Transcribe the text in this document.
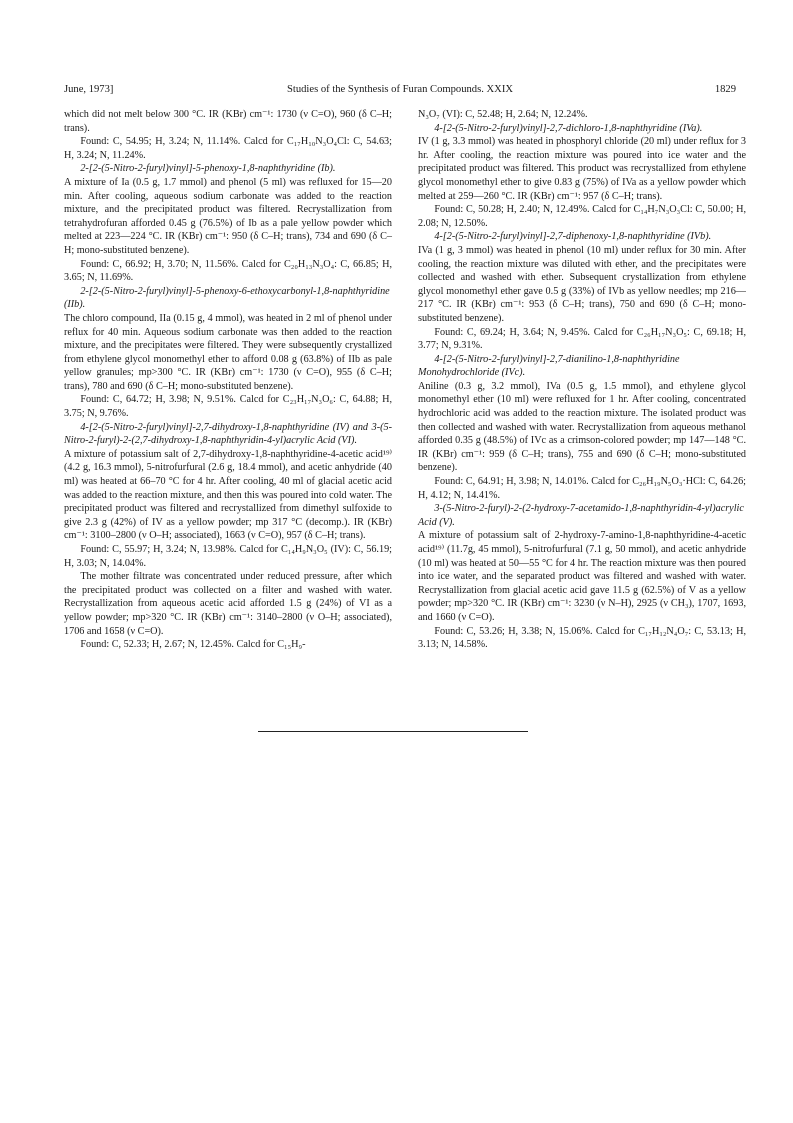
June, 1973]	Studies of the Synthesis of Furan Compounds. XXIX	1829

which did not melt below 300 °C. IR (KBr) cm⁻¹: 1730 (ν C=O), 960 (δ C–H; trans).

Found: C, 54.95; H, 3.24; N, 11.14%. Calcd for C₁₇H₁₀N₃O₄Cl: C, 54.63; H, 3.24; N, 11.24%.

2-[2-(5-Nitro-2-furyl)vinyl]-5-phenoxy-1,8-naphthyridine (Ib).

A mixture of Ia (0.5 g, 1.7 mmol) and phenol (5 ml) was refluxed for 15—20 min. After cooling, aqueous sodium carbonate was added to the reaction mixture, and the precipitated product was filtered. Recrystallization from tetrahydrofuran afforded 0.45 g (76.5%) of Ib as a pale yellow powder which melted at 223—224 °C. IR (KBr) cm⁻¹: 950 (δ C–H; trans), 734 and 690 (δ C–H; mono-substituted benzene).

Found: C, 66.92; H, 3.70; N, 11.56%. Calcd for C₂₀H₁₃N₃O₄: C, 66.85; H, 3.65; N, 11.69%.

2-[2-(5-Nitro-2-furyl)vinyl]-5-phenoxy-6-ethoxycarbonyl-1,8-naphthyridine (IIb).

The chloro compound, IIa (0.15 g, 4 mmol), was heated in 2 ml of phenol under reflux for 40 min. Aqueous sodium carbonate was then added to the reaction mixture, and the precipitates were filtered. They were subsequently crystallized from ethylene glycol monomethyl ether to afford 0.08 g (63.8%) of IIb as pale yellow granules; mp>300 °C. IR (KBr) cm⁻¹: 1730 (ν C=O), 955 (δ C–H; trans), 780 and 690 (δ C–H; mono-substituted benzene).

Found: C, 64.72; H, 3.98; N, 9.51%. Calcd for C₂₃H₁₇N₃O₆: C, 64.88; H, 3.75; N, 9.76%.

4-[2-(5-Nitro-2-furyl)vinyl]-2,7-dihydroxy-1,8-naphthyridine (IV) and 3-(5-Nitro-2-furyl)-2-(2,7-dihydroxy-1,8-naphthyridin-4-yl)acrylic Acid (VI).

A mixture of potassium salt of 2,7-dihydroxy-1,8-naphthyridine-4-acetic acid¹⁹⁾ (4.2 g, 16.3 mmol), 5-nitrofurfural (2.6 g, 18.4 mmol), and acetic anhydride (40 ml) was heated at 66–70 °C for 4 hr. After cooling, 40 ml of glacial acetic acid was added to the reaction mixture, and then this was poured into cold water. The precipitated product was filtered and recrystallized from dimethyl sulfoxide to give 2.3 g (42%) of IV as a yellow powder; mp 317 °C (decomp.). IR (KBr) cm⁻¹: 3100–2800 (ν O–H; associated), 1663 (ν C=O), 957 (δ C–H; trans).

Found: C, 55.97; H, 3.24; N, 13.98%. Calcd for C₁₄H₉N₃O₅ (IV): C, 56.19; H, 3.03; N, 14.04%.

The mother filtrate was concentrated under reduced pressure, after which the precipitated product was collected on a filter and washed with water. Recrystallization from aqueous acetic acid afforded 1.5 g (24%) of VI as a yellow powder; mp>320 °C. IR (KBr) cm⁻¹: 3140–2800 (ν O–H; associated), 1706 and 1658 (ν C=O).

Found: C, 52.33; H, 2.67; N, 12.45%. Calcd for C₁₅H₉-

N₃O₇ (VI): C, 52.48; H, 2.64; N, 12.24%.

4-[2-(5-Nitro-2-furyl)vinyl]-2,7-dichloro-1,8-naphthyridine (IVa).

IV (1 g, 3.3 mmol) was heated in phosphoryl chloride (20 ml) under reflux for 3 hr. After cooling, the reaction mixture was poured into ice water and the precipitated product was filtered. This product was recrystallized from ethylene glycol monomethyl ether to give 0.83 g (75%) of IVa as a yellow powder which melted at 259—260 °C. IR (KBr) cm⁻¹: 957 (δ C–H; trans).

Found: C, 50.28; H, 2.40; N, 12.49%. Calcd for C₁₄H₇N₃O₃Cl: C, 50.00; H, 2.08; N, 12.50%.

4-[2-(5-Nitro-2-furyl)vinyl]-2,7-diphenoxy-1,8-naphthyridine (IVb).

IVa (1 g, 3 mmol) was heated in phenol (10 ml) under reflux for 30 min. After cooling, the reaction mixture was diluted with ether, and the precipitates were collected and washed with ether. Subsequent crystallization from ethylene glycol monomethyl ether gave 0.5 g (33%) of IVb as yellow needles; mp 216—217 °C. IR (KBr) cm⁻¹: 953 (δ C–H; trans), 750 and 690 (δ C–H; mono-substituted benzene).

Found: C, 69.24; H, 3.64; N, 9.45%. Calcd for C₂₆H₁₇N₃O₅: C, 69.18; H, 3.77; N, 9.31%.

4-[2-(5-Nitro-2-furyl)vinyl]-2,7-dianilino-1,8-naphthyridine Monohydrochloride (IVc).

Aniline (0.3 g, 3.2 mmol), IVa (0.5 g, 1.5 mmol), and ethylene glycol monomethyl ether (10 ml) were refluxed for 1 hr. After cooling, concentrated hydrochloric acid was added to the reaction mixture. The isolated product was then collected and washed with water. Recrystallization from aqueous methanol afforded 0.35 g (48.5%) of IVc as a crimson-colored powder; mp 147—148 °C. IR (KBr) cm⁻¹: 959 (δ C–H; trans), 755 and 690 (δ C–H; mono-substituted benzene).

Found: C, 64.91; H, 3.98; N, 14.01%. Calcd for C₂₆H₁₉N₅O₃·HCl: C, 64.26; H, 4.12; N, 14.41%.

3-(5-Nitro-2-furyl)-2-(2-hydroxy-7-acetamido-1,8-naphthyridin-4-yl)acrylic Acid (V).

A mixture of potassium salt of 2-hydroxy-7-amino-1,8-naphthyridine-4-acetic acid¹⁹⁾ (11.7g, 45 mmol), 5-nitrofurfural (7.1 g, 50 mmol), and acetic anhydride (10 ml) was heated at 50—55 °C for 4 hr. The reaction mixture was then poured into ice water, and the separated product was filtered and washed with water. Recrystallization from glacial acetic acid gave 11.5 g (62.5%) of V as a yellow powder; mp>320 °C. IR (KBr) cm⁻¹: 3230 (ν N–H), 2925 (ν CH₃), 1707, 1693, and 1660 (ν C=O).

Found: C, 53.26; H, 3.38; N, 15.06%. Calcd for C₁₇H₁₂N₄O₇: C, 53.13; H, 3.13; N, 14.58%.
